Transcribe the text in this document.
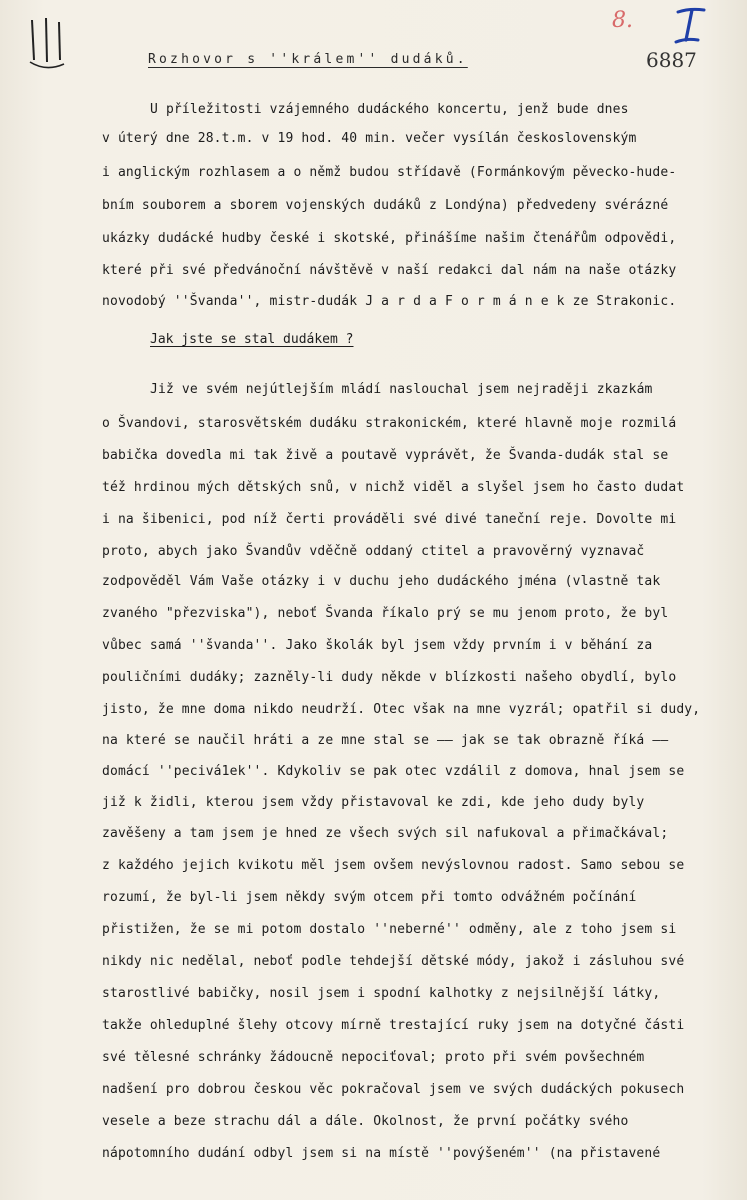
8.
Rozhovor s ''králem'' dudáků.	6887
U příležitosti vzájemného dudáckého koncertu, jenž bude dnes
v úterý dne 28.t.m. v 19 hod. 40 min. večer vysílán československým
i anglickým rozhlasem a o němž budou střídavě (Formánkovým pěvecko-hude-
bním souborem a sborem vojenských dudáků z Londýna) předvedeny svérázné
ukázky dudácké hudby české i skotské, přinášíme našim čtenářům odpovědi,
které při své předvánoční návštěvě v naší redakci dal nám na naše otázky
novodobý ''Švanda'', mistr-dudák J a r d a F o r m á n e k ze Strakonic.
Jak jste se stal dudákem ?
Již ve svém nejútlejším mládí naslouchal jsem nejraději zkazkám
o Švandovi, starosvětském dudáku strakonickém, které hlavně moje rozmilá
babička dovedla mi tak živě a poutavě vyprávět, že Švanda-dudák stal se
též hrdinou mých dětských snů, v nichž viděl a slyšel jsem ho často dudat
i na šibenici, pod níž čerti prováděli své divé taneční reje. Dovolte mi
proto, abych jako Švandův vděčně oddaný ctitel a pravověrný vyznavač
zodpověděl Vám Vaše otázky i v duchu jeho dudáckého jména (vlastně tak
zvaného "přezviska"), neboť Švanda říkalo prý se mu jenom proto, že byl
vůbec samá ''švanda''. Jako školák byl jsem vždy prvním i v běhání za
pouličními dudáky; zazněly-li dudy někde v blízkosti našeho obydlí, bylo
jisto, že mne doma nikdo neudrží. Otec však na mne vyzrál; opatřil si dudy,
na které se naučil hráti a ze mne stal se —— jak se tak obrazně říká ——
domácí ''pecivá1ek''. Kdykoliv se pak otec vzdálil z domova, hnal jsem se
již k židli, kterou jsem vždy přistavoval ke zdi, kde jeho dudy byly
zavěšeny a tam jsem je hned ze všech svých sil nafukoval a přimačkával;
z každého jejich kvikotu měl jsem ovšem nevýslovnou radost. Samo sebou se
rozumí, že byl-li jsem někdy svým otcem při tomto odvážném počínání
přistižen, že se mi potom dostalo ''neberné'' odměny, ale z toho jsem si
nikdy nic nedělal, neboť podle tehdejší dětské módy, jakož i zásluhou své
starostlivé babičky, nosil jsem i spodní kalhotky z nejsilnější látky,
takže ohleduplné šlehy otcovy mírně trestající ruky jsem na dotyčné části
své tělesné schránky žádoucně nepociťoval; proto při svém povšechném
nadšení pro dobrou českou věc pokračoval jsem ve svých dudáckých pokusech
vesele a beze strachu dál a dále. Okolnost, že první počátky svého
nápotomního dudání odbyl jsem si na místě ''povýšeném'' (na přistavené
